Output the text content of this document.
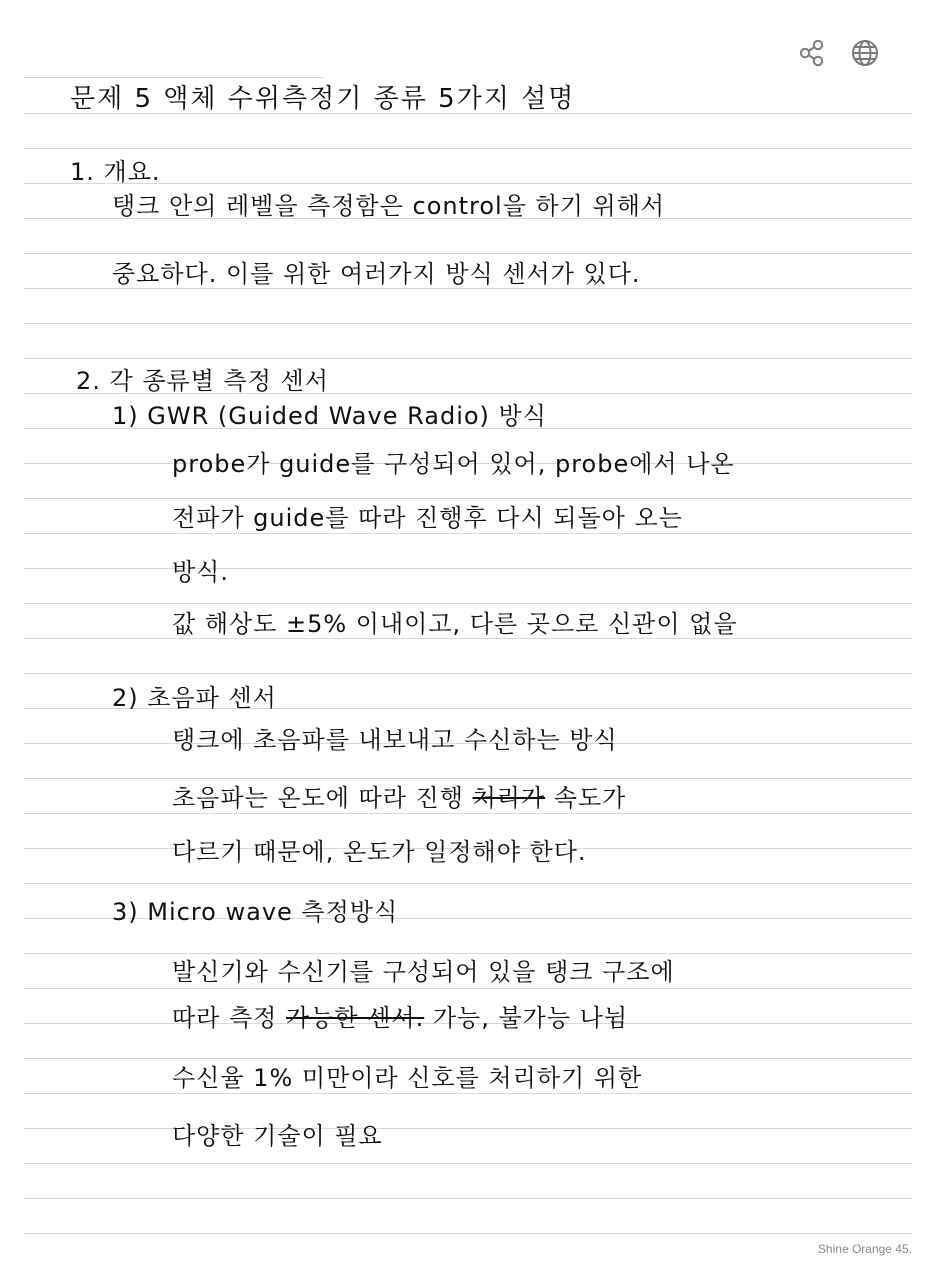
문제 5 액체 수위측정기 종류 5가지 설명
1. 개요.
탱크 안의 레벨을 측정함은 control을 하기 위해서
중요하다. 이를 위한 여러가지 방식 센서가 있다.
2. 각 종류별 측정 센서
1) GWR (Guided Wave Radio) 방식
probe가 guide를 구성되어 있어, probe에서 나온
전파가 guide를 따라 진행후 다시 되돌아 오는
방식.
값 해상도 ±5% 이내이고, 다른 곳으로 신관이 없을
2) 초음파 센서
탱크에 초음파를 내보내고 수신하는 방식
초음파는 온도에 따라 진행 처리가 속도가
다르기 때문에, 온도가 일정해야 한다.
3) Micro wave 측정방식
발신기와 수신기를 구성되어 있을 탱크 구조에
따라 측정 가능한 센서. 가능, 불가능 나뉨
수신율 1% 미만이라 신호를 처리하기 위한
다양한 기술이 필요
Shine Orange 45.
